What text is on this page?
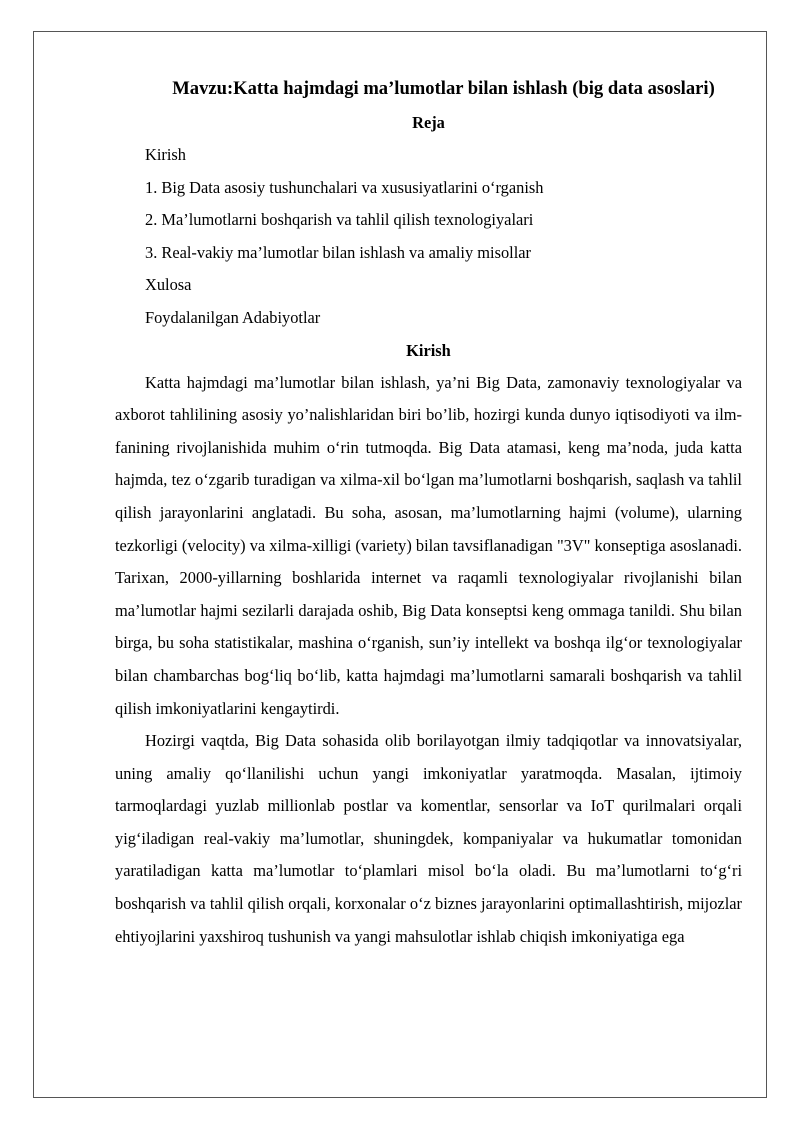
Mavzu:Katta hajmdagi ma’lumotlar bilan ishlash (big data asoslari)
Reja
Kirish
1. Big Data asosiy tushunchalari va xususiyatlarini o‘rganish
2. Ma’lumotlarni boshqarish va tahlil qilish texnologiyalari
3. Real-vakiy ma’lumotlar bilan ishlash va amaliy misollar
Xulosa
Foydalanilgan Adabiyotlar
Kirish

Katta hajmdagi ma’lumotlar bilan ishlash, ya’ni Big Data, zamonaviy texnologiyalar va axborot tahlilining asosiy yo’nalishlaridan biri bo’lib, hozirgi kunda dunyo iqtisodiyoti va ilm-fanining rivojlanishida muhim o‘rin tutmoqda. Big Data atamasi, keng ma’noda, juda katta hajmda, tez o‘zgarib turadigan va xilma-xil bo‘lgan ma’lumotlarni boshqarish, saqlash va tahlil qilish jarayonlarini anglatadi. Bu soha, asosan, ma’lumotlarning hajmi (volume), ularning tezkorligi (velocity) va xilma-xilligi (variety) bilan tavsiflanadigan "3V" konseptiga asoslanadi. Tarixan, 2000-yillarning boshlarida internet va raqamli texnologiyalar rivojlanishi bilan ma’lumotlar hajmi sezilarli darajada oshib, Big Data konseptsi keng ommaga tanildi. Shu bilan birga, bu soha statistikalar, mashina o‘rganish, sun’iy intellekt va boshqa ilg‘or texnologiyalar bilan chambarchas bog‘liq bo‘lib, katta hajmdagi ma’lumotlarni samarali boshqarish va tahlil qilish imkoniyatlarini kengaytirdi.

Hozirgi vaqtda, Big Data sohasida olib borilayotgan ilmiy tadqiqotlar va innovatsiyalar, uning amaliy qo‘llanilishi uchun yangi imkoniyatlar yaratmoqda. Masalan, ijtimoiy tarmoqlardagi yuzlab millionlab postlar va komentlar, sensorlar va IoT qurilmalari orqali yig‘iladigan real-vakiy ma’lumotlar, shuningdek, kompaniyalar va hukumatlar tomonidan yaratiladigan katta ma’lumotlar to‘plamlari misol bo‘la oladi. Bu ma’lumotlarni to‘g‘ri boshqarish va tahlil qilish orqali, korxonalar o‘z biznes jarayonlarini optimallashtirish, mijozlar ehtiyojlarini yaxshiroq tushunish va yangi mahsulotlar ishlab chiqish imkoniyatiga ega
